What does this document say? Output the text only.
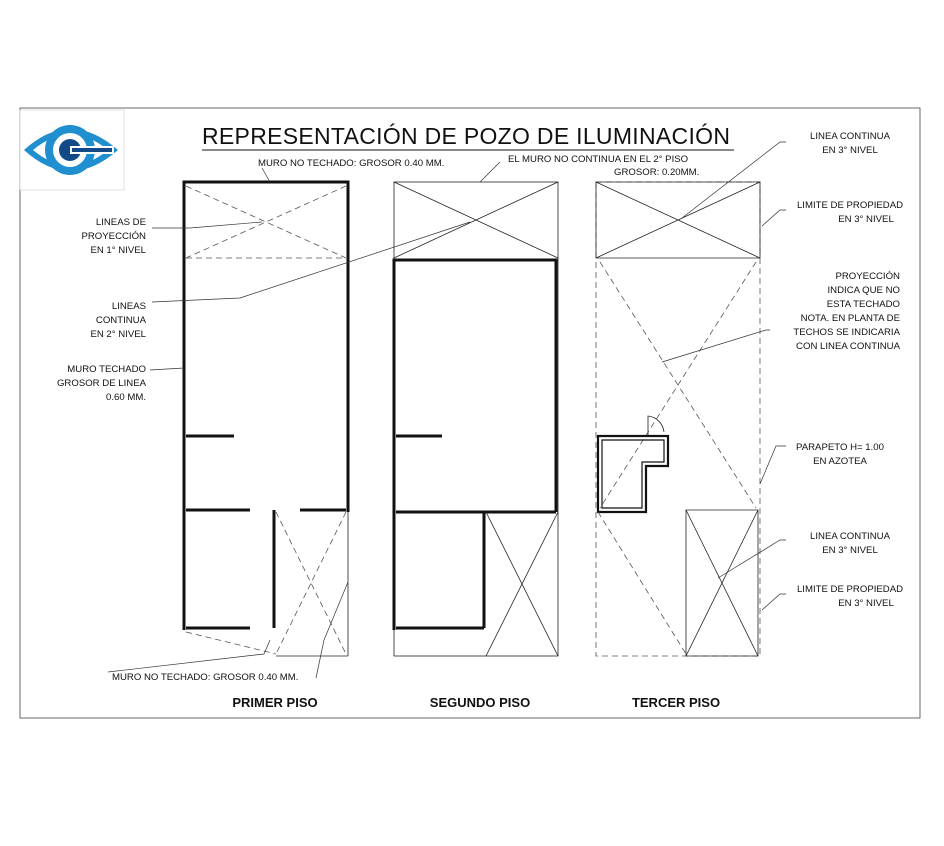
REPRESENTACIÓN DE POZO DE ILUMINACIÓN
MURO NO TECHADO: GROSOR 0.40 MM.	EL MURO NO CONTINUA EN EL 2° PISO
GROSOR: 0.20MM.
LINEAS DE
PROYECCIÓN
EN 1° NIVEL
LINEAS
CONTINUA
EN 2° NIVEL
MURO TECHADO
GROSOR DE LINEA
0.60 MM.
MURO NO TECHADO: GROSOR 0.40 MM.
LINEA CONTINUA
EN 3° NIVEL
LIMITE DE PROPIEDAD
EN 3° NIVEL
PROYECCIÓN
INDICA QUE NO
ESTA TECHADO
NOTA. EN PLANTA DE
TECHOS SE INDICARIA
CON LINEA CONTINUA
PARAPETO H= 1.00
EN AZOTEA
LINEA CONTINUA
EN 3° NIVEL
LIMITE DE PROPIEDAD
EN 3° NIVEL
PRIMER PISO	SEGUNDO PISO	TERCER PISO
